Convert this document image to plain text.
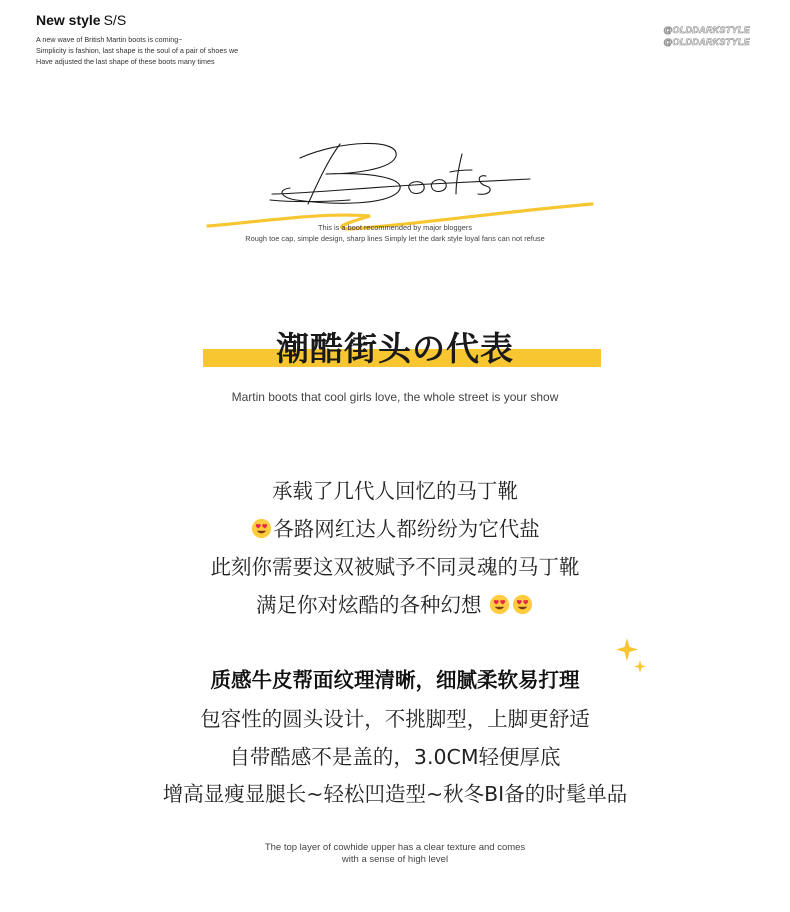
New style S/S
A new wave of British Martin boots is coming~
Simplicity is fashion, last shape is the soul of a pair of shoes we
Have adjusted the last shape of these boots many times
@OLDDARKSTYLE
@OLDDARKSTYLE
This is a boot recommended by major bloggers
Rough toe cap, simple design, sharp lines Simply let the dark style loyal fans can not refuse
潮酷街头の代表
Martin boots that cool girls love, the whole street is your show
承载了几代人回忆的马丁靴
各路网红达人都纷纷为它代盐
此刻你需要这双被赋予不同灵魂的马丁靴
满足你对炫酷的各种幻想
质感牛皮帮面纹理清晰，细腻柔软易打理
包容性的圆头设计，不挑脚型，上脚更舒适
自带酷感不是盖的，3.0CM轻便厚底
增高显瘦显腿长~轻松凹造型~秋冬BI备的时髦单品
The top layer of cowhide upper has a clear texture and comes
with a sense of high level
